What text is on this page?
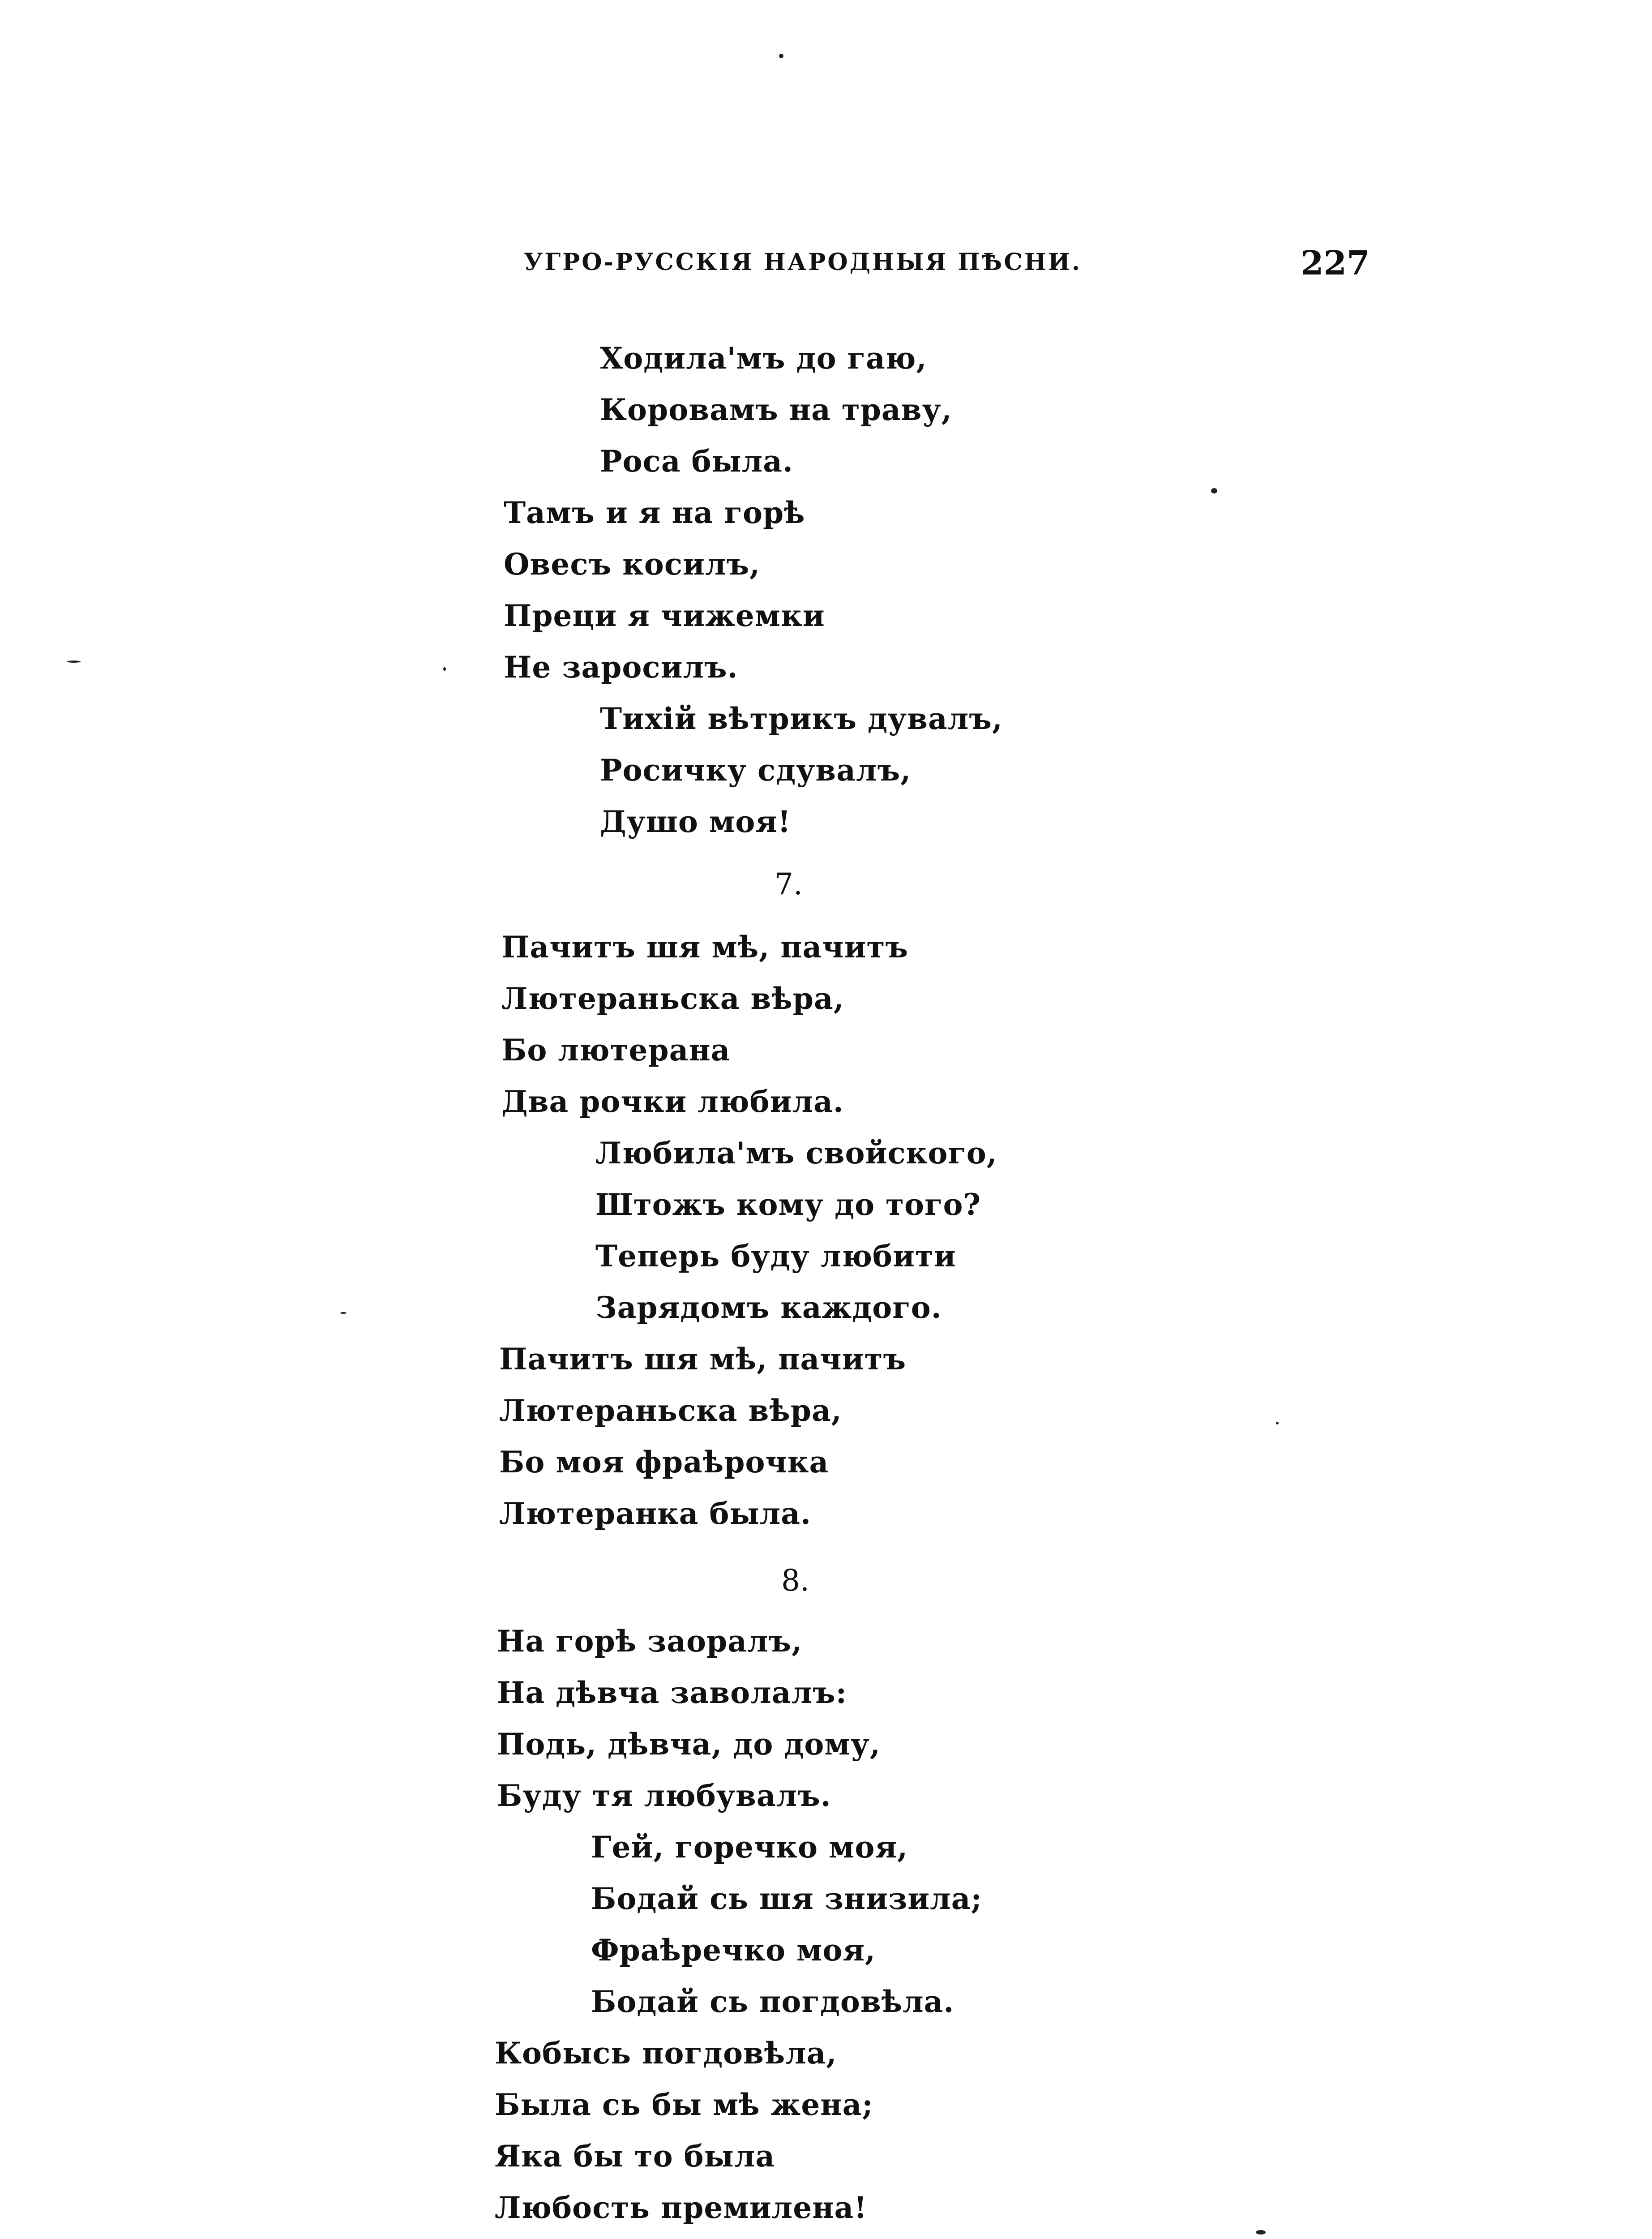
УГРО-РУССКІЯ НАРОДНЫЯ ПѢСНИ.	227
Ходила'мъ до гаю,
Коровамъ на траву,
Роса была.
Тамъ и я на горѣ
Овесъ косилъ,
Преци я чижемки
Не заросилъ.
Тихій вѣтрикъ дувалъ,
Росичку сдувалъ,
Душо моя!
7.
Пачитъ шя мѣ, пачитъ
Лютераньска вѣра,
Бо лютерана
Два рочки любила.
Любила'мъ свойского,
Штожъ кому до того?
Теперь буду любити
Зарядомъ каждого.
Пачитъ шя мѣ, пачитъ
Лютераньска вѣра,
Бо моя фраѣрочка
Лютеранка была.
8.
На горѣ заоралъ,
На дѣвча заволалъ:
Подь, дѣвча, до дому,
Буду тя любувалъ.
Гей, горечко моя,
Бодай сь шя знизила;
Фраѣречко моя,
Бодай сь погдовѣла.
Кобысь погдовѣла,
Была сь бы мѣ жена;
Яка бы то была
Любость премилена!
